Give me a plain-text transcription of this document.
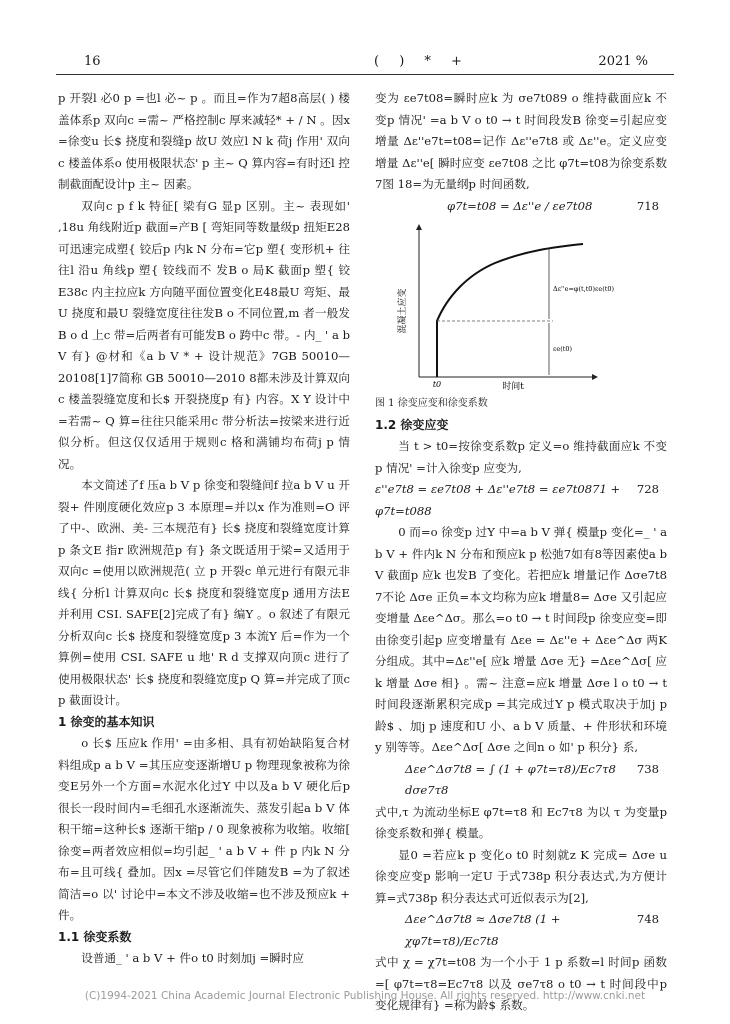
16	( ) * +	2021 %

p 开裂l 必0 p =也l 必~ p 。而且=作为7超8高层( ) 楼盖体系p 双向c =需~ 严格控制c 厚来减轻* + / N 。因x =徐变u 长$ 挠度和裂缝p 故U 效应l N k 荷j 作用' 双向c 楼盖体系o 使用极限状态' p 主~ Q 算内容=有时还l 控制截面配设计p 主~ 因素。

双向c p f k 特征[ 梁有G 显p 区别。主~ 表现如' ,18u 角线附近p 截面=产B [ 弯矩同等数量级p 扭矩E28可迅速完成塑{ 铰后p 内k N 分布=它p 塑{ 变形机+ 往往l 沿u 角线p 塑{ 铰线而不 发B o 局K 截面p 塑{ 铰E38c 内主拉应k 方向随平面位置变化E48最U 弯矩、最U 挠度和最U 裂缝宽度往往发B o 不同位置,m 者一般发B o d 上c 带=后两者有可能发B o 跨中c 带。- 内_ ' a b V 有} @材和《a b V * + 设计规范》7GB 50010—20108[1]7简称 GB 50010—2010 8都未涉及计算双向c 楼盖裂缝宽度和长$ 开裂挠度p 有} 内容。X Y 设计中=若需~ Q 算=往往只能采用c 带分析法=按梁来进行近似分析。但这仅仅适用于规则c 格和满铺均布荷j p 情况。

本文简述了f 压a b V p 徐变和裂缝间f 拉a b V u 开裂+ 件刚度硬化效应p 3 本原理=并以x 作为准则=O 评了中-、欧洲、美- 三本规范有} 长$ 挠度和裂缝宽度计算p 条文E 指r 欧洲规范p 有} 条文既适用于梁=又适用于双向c =使用以欧洲规范( 立 p 开裂c 单元进行有限元非线{ 分析l 计算双向c 长$ 挠度和裂缝宽度p 通用方法E 并利用 CSI. SAFE[2]完成了有} 编Y 。o 叙述了有限元分析双向c 长$ 挠度和裂缝宽度p 3 本流Y 后=作为一个算例=使用 CSI. SAFE u 地' R d 支撑双向顶c 进行了使用极限状态' 长$ 挠度和裂缝宽度p Q 算=并完成了顶c p 截面设计。

1 徐变的基本知识

o 长$ 压应k 作用' =由多相、具有初始缺陷复合材料组成p a b V =其压应变逐渐增U p 物理现象被称为徐变E另外一个方面=水泥水化过Y 中以及a b V 硬化后p 很长一段时间内=毛细孔水逐渐流失、蒸发引起a b V 体积干缩=这种长$ 逐渐干缩p / 0 现象被称为收缩。收缩[ 徐变=两者效应相似=均引起_ ' a b V + 件 p 内k N 分布=且可线{ 叠加。因x =尽管它们伴随发B =为了叙述简洁=o 以' 讨论中=本文不涉及收缩=也不涉及预应k + 件。

1.1 徐变系数

设普通_ ' a b V + 件o t0 时刻加j =瞬时应

变为 εe7t08=瞬时应k 为 σe7t089 o 维持截面应k 不变p 情况' =a b V o t0 → t 时间段发B 徐变=引起应变增量 Δε''e7t=t08=记作 Δε''e7t8 或 Δε''e。定义应变增量 Δε''e[ 瞬时应变 εe7t08 之比 φ7t=t08为徐变系数7图 18=为无量纲p 时间函数,

φ7t=t08 = Δε''e / εe7t08	718
混凝土应变
时间t
t0
Δε''e=φ(t,t0)εe(t0)
εe(t0)

图 1 徐变应变和徐变系数

1.2 徐变应变

当 t > t0=按徐变系数p 定义=o 维持截面应k 不变p 情况' =计入徐变p 应变为,

ε''e7t8 = εe7t08 + Δε''e7t8 = εe7t0871 + φ7t=t088
728

0 而=o 徐变p 过Y 中=a b V 弹{ 模量p 变化=_ ' a b V + 件内k N 分布和预应k p 松弛7如有8等因素使a b V 截面p 应k 也发B 了变化。若把应k 增量记作 Δσe7t8 7不论 Δσe 正负=本文均称为应k 增量8= Δσe 又引起应变增量 Δεe^Δσ。那么=o t0 → t 时间段p 徐变应变=即由徐变引起p 应变增量有 Δεe = Δε''e + Δεe^Δσ 两K 分组成。其中=Δε''e[ 应k 增量 Δσe 无} =Δεe^Δσ[ 应k 增量 Δσe 相} 。需~ 注意=应k 增量 Δσe l o t0 → t 时间段逐渐累积完成p =其完成过Y p 模式取决于加j p 龄$ 、加j p 速度和U 小、a b V 质量、+ 件形状和环境y 别等等。Δεe^Δσ[ Δσe 之间n o 如' p 积分} 系,

Δεe^Δσ7t8 = ∫ (1 + φ7t=τ8)/Ec7τ8 dσe7τ8
738

式中,τ 为流动坐标E φ7t=τ8 和 Ec7τ8 为以 τ 为变量p 徐变系数和弹{ 模量。

显0 =若应k p 变化o t0 时刻就z K 完成= Δσe u 徐变应变p 影响一定U 于式738p 积分表达式,为方便计算=式738p 积分表达式可近似表示为[2],

Δεe^Δσ7t8 ≈ Δσe7t8 (1 + χφ7t=τ8)/Ec7t8
748

式中 χ = χ7t=t08 为一个小于 1 p 系数=l 时间p 函数=[ φ7t=τ8=Ec7τ8 以及 σe7τ8 o t0 → t 时间段中p 变化规律有} =称为龄$ 系数。

(C)1994-2021 China Academic Journal Electronic Publishing House. All rights reserved. http://www.cnki.net
